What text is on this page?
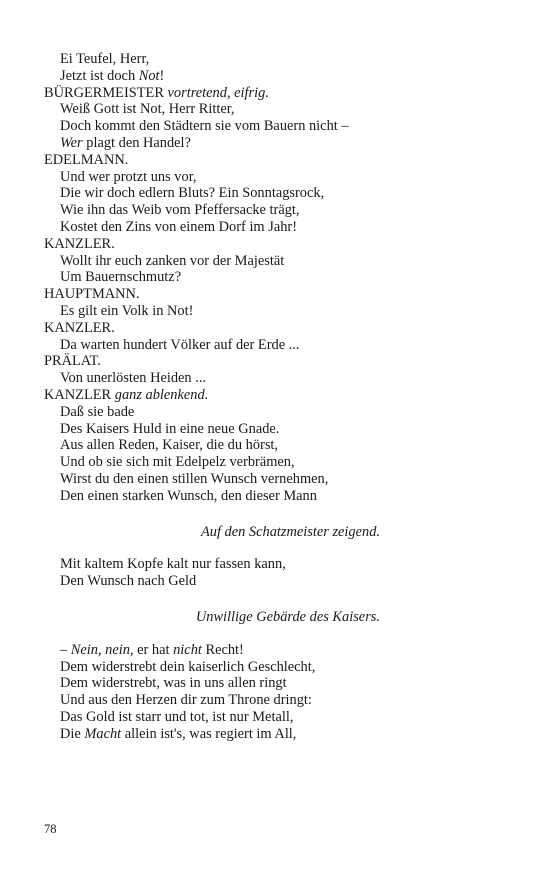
Ei Teufel, Herr,
Jetzt ist doch Not!
BÜRGERMEISTER vortretend, eifrig.
Weiß Gott ist Not, Herr Ritter,
Doch kommt den Städtern sie vom Bauern nicht –
Wer plagt den Handel?
EDELMANN.
Und wer protzt uns vor,
Die wir doch edlern Bluts? Ein Sonntagsrock,
Wie ihn das Weib vom Pfeffersacke trägt,
Kostet den Zins von einem Dorf im Jahr!
KANZLER.
Wollt ihr euch zanken vor der Majestät
Um Bauernschmutz?
HAUPTMANN.
Es gilt ein Volk in Not!
KANZLER.
Da warten hundert Völker auf der Erde ...
PRÄLAT.
Von unerlösten Heiden ...
KANZLER ganz ablenkend.
Daß sie bade
Des Kaisers Huld in eine neue Gnade.
Aus allen Reden, Kaiser, die du hörst,
Und ob sie sich mit Edelpelz verbrämen,
Wirst du den einen stillen Wunsch vernehmen,
Den einen starken Wunsch, den dieser Mann
Auf den Schatzmeister zeigend.
Mit kaltem Kopfe kalt nur fassen kann,
Den Wunsch nach Geld
Unwillige Gebärde des Kaisers.
– Nein, nein, er hat nicht Recht!
Dem widerstrebt dein kaiserlich Geschlecht,
Dem widerstrebt, was in uns allen ringt
Und aus den Herzen dir zum Throne dringt:
Das Gold ist starr und tot, ist nur Metall,
Die Macht allein ist's, was regiert im All,
78
